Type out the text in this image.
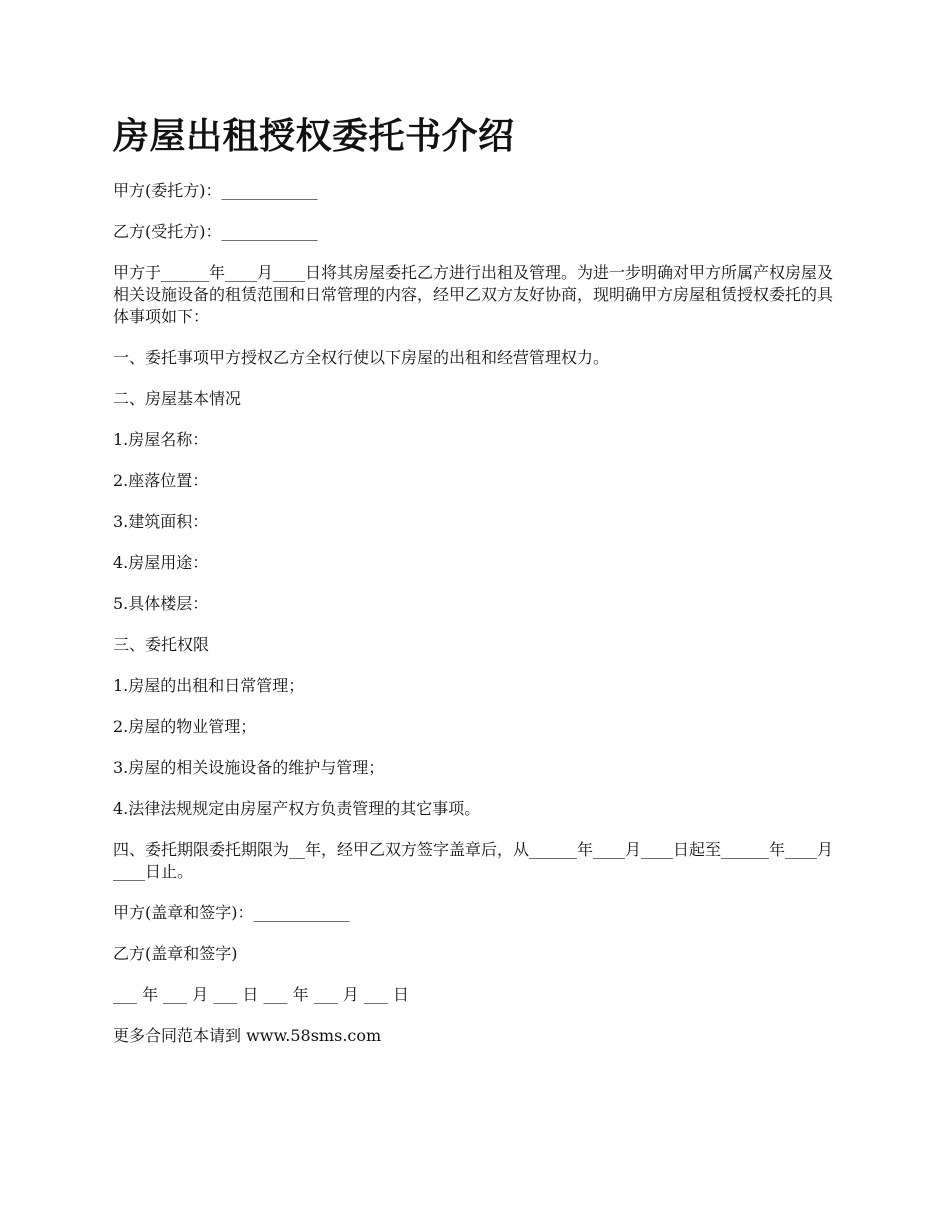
房屋出租授权委托书介绍

甲方(委托方)：____________

乙方(受托方)：____________

甲方于______年____月____日将其房屋委托乙方进行出租及管理。为进一步明确对甲方所属产权房屋及相关设施设备的租赁范围和日常管理的内容，经甲乙双方友好协商，现明确甲方房屋租赁授权委托的具体事项如下：

一、委托事项甲方授权乙方全权行使以下房屋的出租和经营管理权力。

二、房屋基本情况

1.房屋名称：

2.座落位置：

3.建筑面积：

4.房屋用途：

5.具体楼层：

三、委托权限

1.房屋的出租和日常管理；

2.房屋的物业管理；

3.房屋的相关设施设备的维护与管理；

4.法律法规规定由房屋产权方负责管理的其它事项。

四、委托期限委托期限为__年，经甲乙双方签字盖章后，从______年____月____日起至______年____月____日止。

甲方(盖章和签字)：____________

乙方(盖章和签字)

___ 年 ___ 月 ___ 日 ___ 年 ___ 月 ___ 日

更多合同范本请到 www.58sms.com
